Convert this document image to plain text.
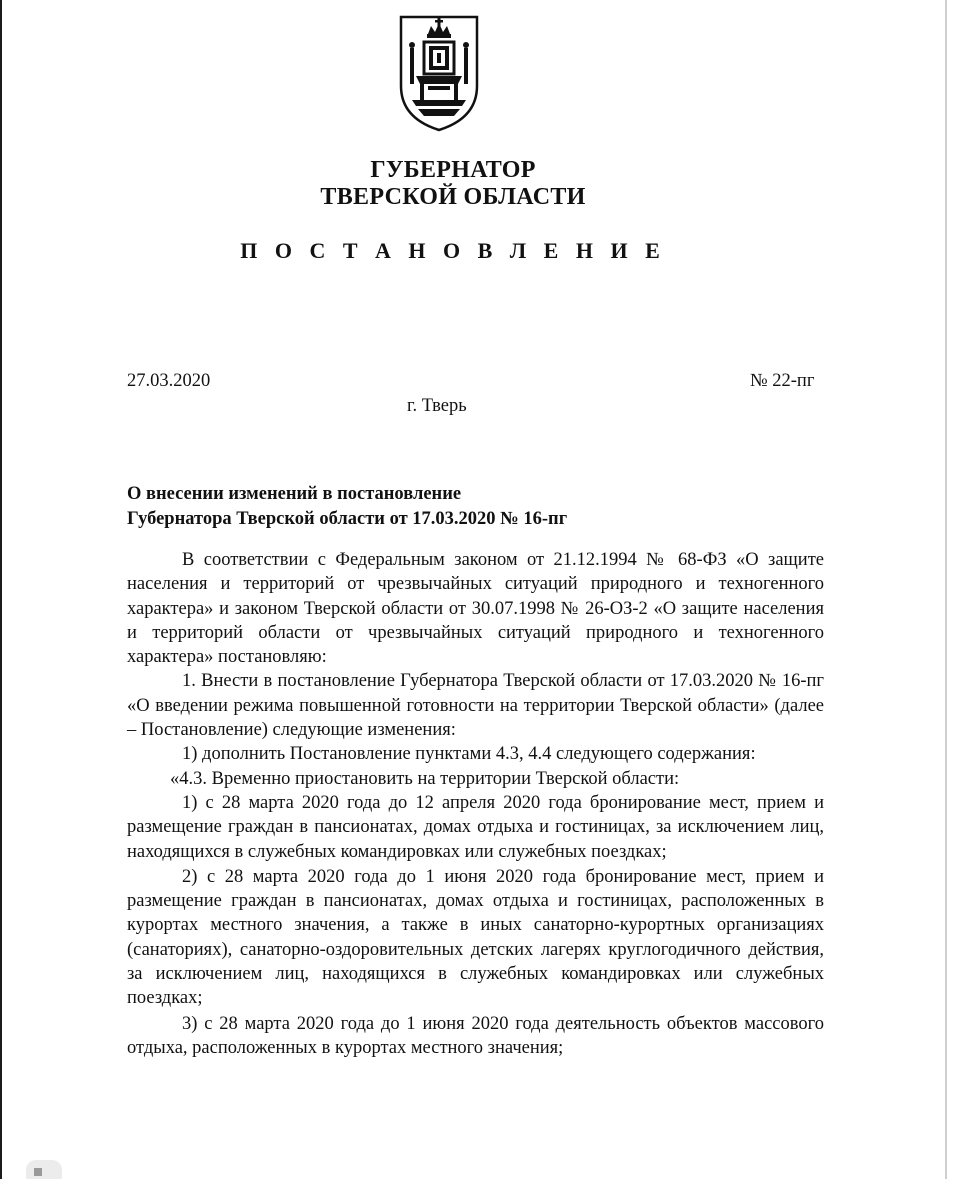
ГУБЕРНАТОР
ТВЕРСКОЙ ОБЛАСТИ
П О С Т А Н О В Л Е Н И Е
27.03.2020	№ 22-пг
г. Тверь
О внесении изменений в постановление
Губернатора Тверской области от 17.03.2020 № 16-пг

В соответствии с Федеральным законом от 21.12.1994 № 68-ФЗ «О защите населения и территорий от чрезвычайных ситуаций природного и техногенного характера» и законом Тверской области от 30.07.1998 № 26-ОЗ-2 «О защите населения и территорий области от чрезвычайных ситуаций природного и техногенного характера» постановляю:

1. Внести в постановление Губернатора Тверской области от 17.03.2020 № 16-пг «О введении режима повышенной готовности на территории Тверской области» (далее – Постановление) следующие изменения:

1) дополнить Постановление пунктами 4.3, 4.4 следующего содержания:

«4.3. Временно приостановить на территории Тверской области:

1) с 28 марта 2020 года до 12 апреля 2020 года бронирование мест, прием и размещение граждан в пансионатах, домах отдыха и гостиницах, за исключением лиц, находящихся в служебных командировках или служебных поездках;

2) с 28 марта 2020 года до 1 июня 2020 года бронирование мест, прием и размещение граждан в пансионатах, домах отдыха и гостиницах, расположенных в курортах местного значения, а также в иных санаторно-курортных организациях (санаториях), санаторно-оздоровительных детских лагерях круглогодичного действия, за исключением лиц, находящихся в служебных командировках или служебных поездках;

3) с 28 марта 2020 года до 1 июня 2020 года деятельность объектов массового отдыха, расположенных в курортах местного значения;
